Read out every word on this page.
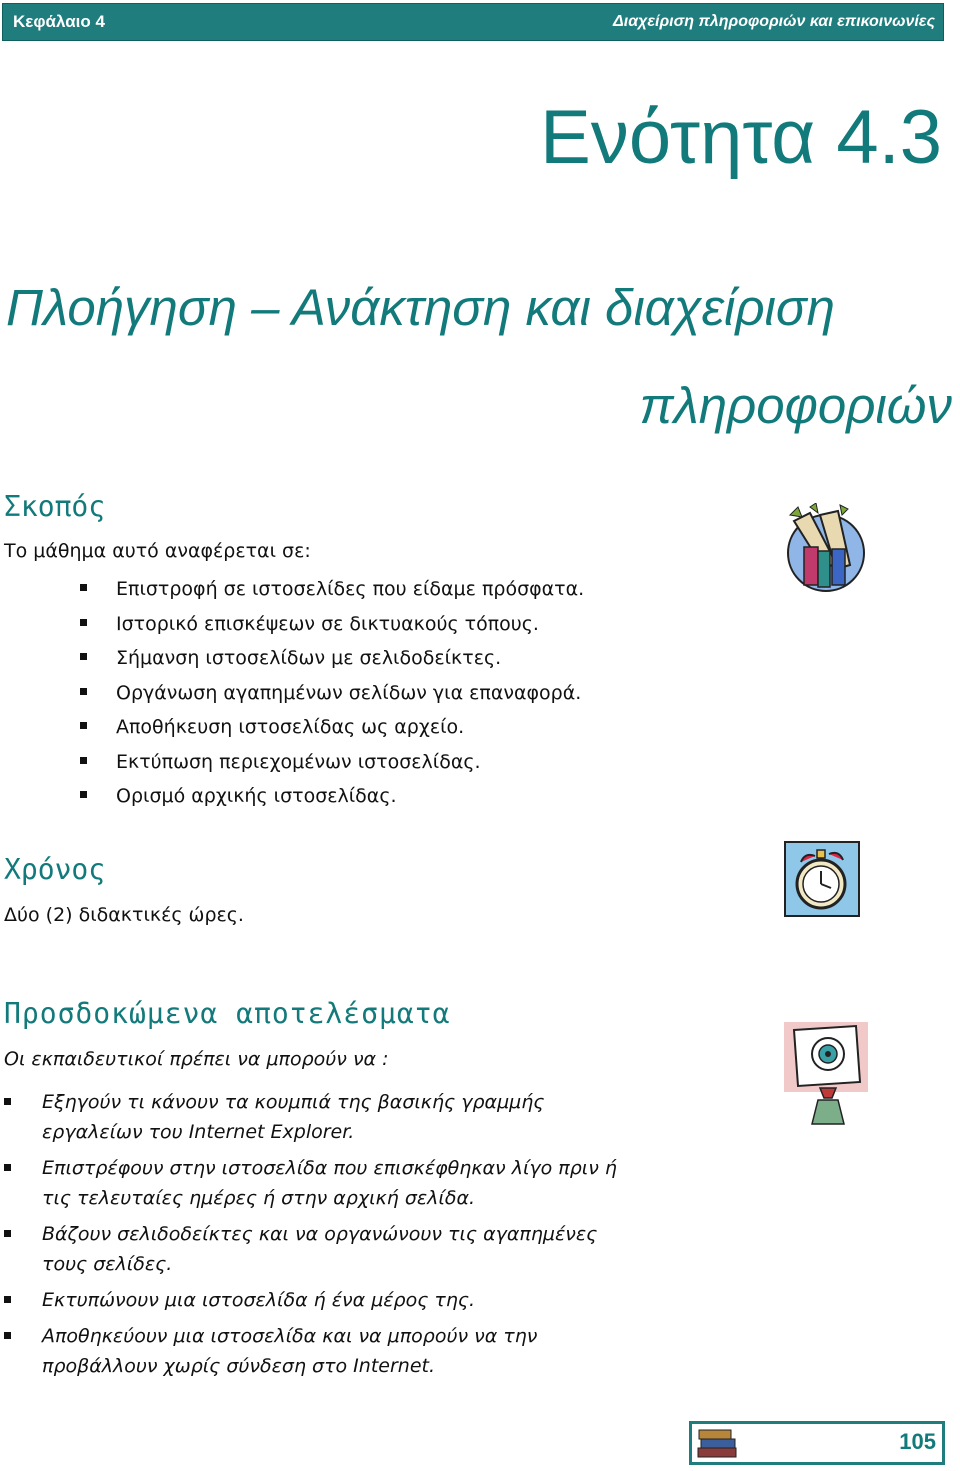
Κεφάλαιο 4	Διαχείριση πληροφοριών και επικοινωνίες
Ενότητα 4.3
Πλοήγηση – Ανάκτηση και διαχείριση
πληροφοριών
Σκοπός
Το μάθημα αυτό αναφέρεται σε:
Επιστροφή σε ιστοσελίδες που είδαμε πρόσφατα.
Ιστορικό επισκέψεων σε δικτυακούς τόπους.
Σήμανση ιστοσελίδων με σελιδοδείκτες.
Οργάνωση αγαπημένων σελίδων για επαναφορά.
Αποθήκευση ιστοσελίδας ως αρχείο.
Εκτύπωση περιεχομένων ιστοσελίδας.
Ορισμό αρχικής ιστοσελίδας.
Χρόνος
Δύο (2) διδακτικές ώρες.
Προσδοκώμενα αποτελέσματα
Οι εκπαιδευτικοί πρέπει να μπορούν να :
Εξηγούν τι κάνουν τα κουμπιά της βασικής γραμμής εργαλείων του Internet Explorer.
Επιστρέφουν στην ιστοσελίδα που επισκέφθηκαν λίγο πριν ή τις τελευταίες ημέρες ή στην αρχική σελίδα.
Βάζουν σελιδοδείκτες και να οργανώνουν τις αγαπημένες τους σελίδες.
Εκτυπώνουν μια ιστοσελίδα ή ένα μέρος της.
Αποθηκεύουν μια ιστοσελίδα και να μπορούν να την προβάλλουν χωρίς σύνδεση στο Internet.
105
